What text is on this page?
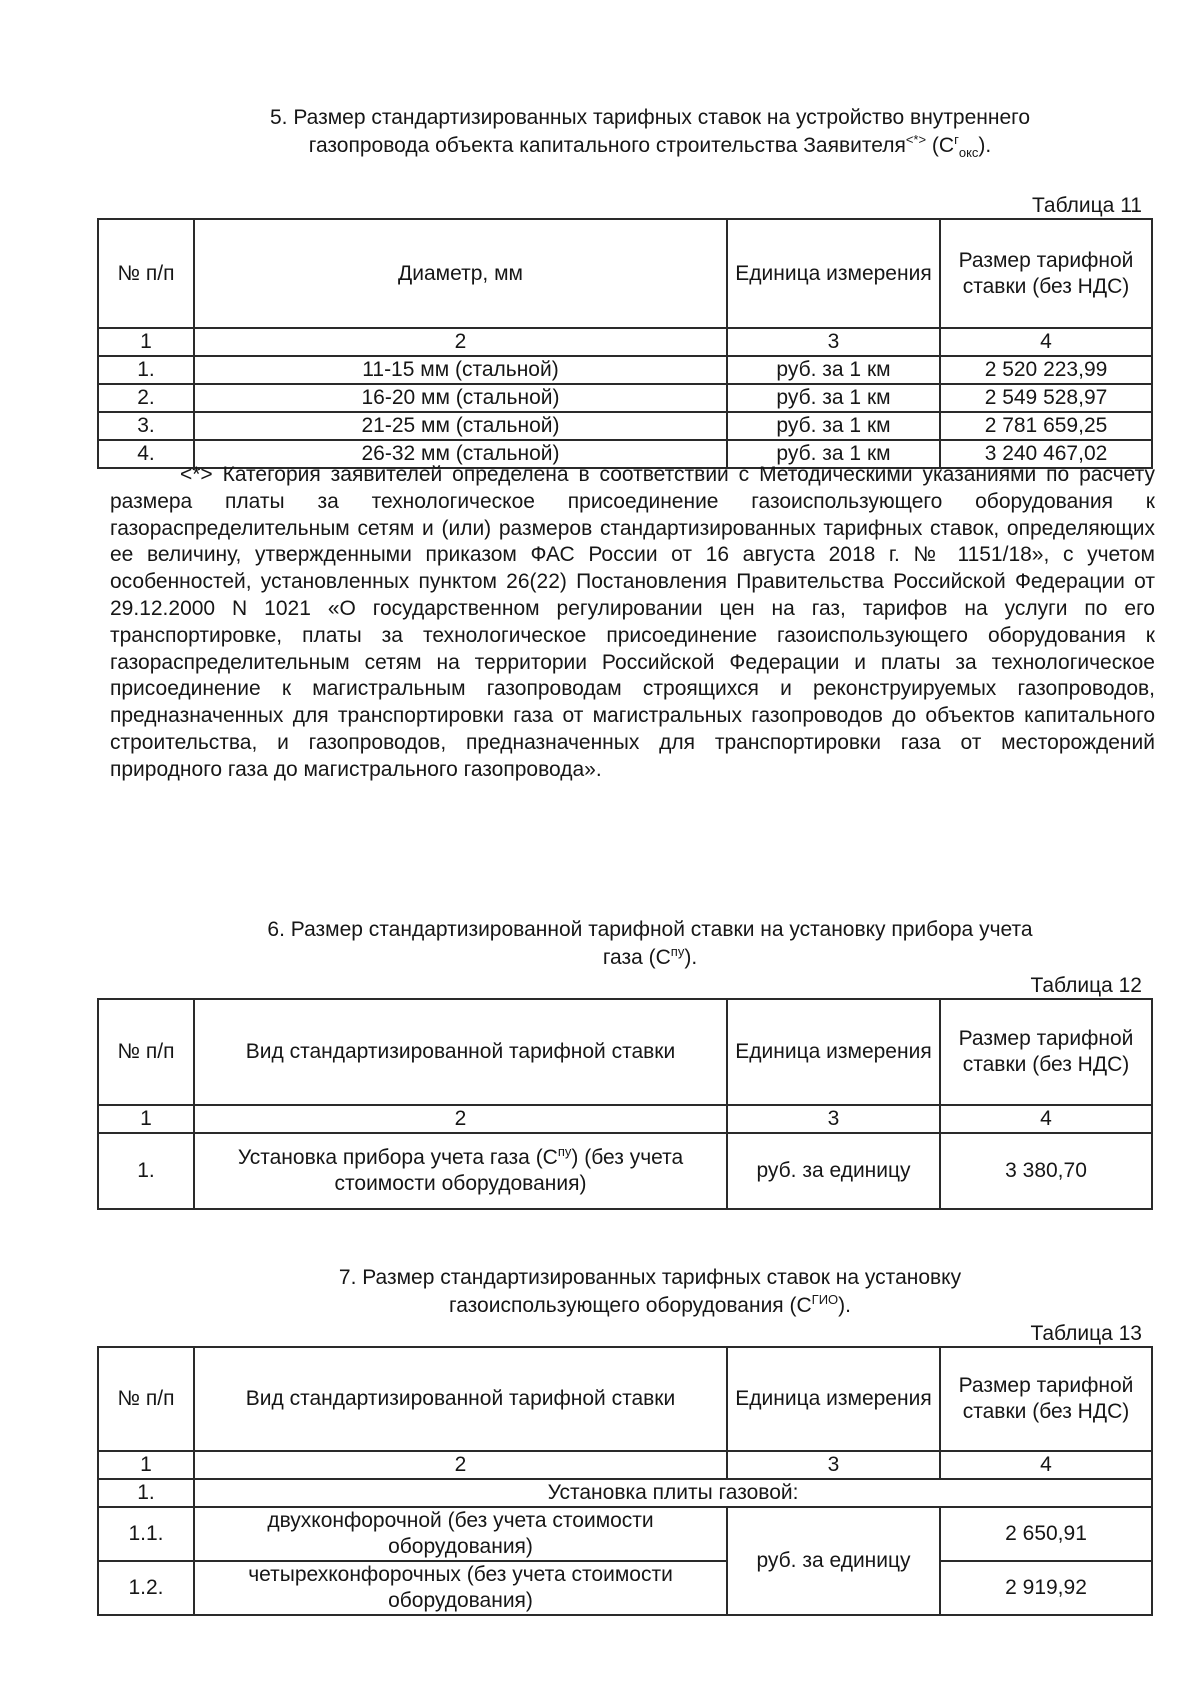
5. Размер стандартизированных тарифных ставок на устройство внутреннего
газопровода объекта капитального строительства Заявителя<*> $(С^г_{окс})$.
Таблица 11
№ п/п	Диаметр, мм	Единица измерения	Размер тарифной ставки (без НДС)
1	2	3	4
1.	11-15 мм (стальной)	руб. за 1 км	2 520 223,99
2.	16-20 мм (стальной)	руб. за 1 км	2 549 528,97
3.	21-25 мм (стальной)	руб. за 1 км	2 781 659,25
4.	26-32 мм (стальной)	руб. за 1 км	3 240 467,02
<*> Категория заявителей определена в соответствии с Методическими указаниями по расчету размера платы за технологическое присоединение газоиспользующего оборудования к газораспределительным сетям и (или) размеров стандартизированных тарифных ставок, определяющих ее величину, утвержденными приказом ФАС России от 16 августа 2018 г. № 1151/18», с учетом особенностей, установленных пунктом 26(22) Постановления Правительства Российской Федерации от 29.12.2000 N 1021 «О государственном регулировании цен на газ, тарифов на услуги по его транспортировке, платы за технологическое присоединение газоиспользующего оборудования к газораспределительным сетям на территории Российской Федерации и платы за технологическое присоединение к магистральным газопроводам строящихся и реконструируемых газопроводов, предназначенных для транспортировки газа от магистральных газопроводов до объектов капитального строительства, и газопроводов, предназначенных для транспортировки газа от месторождений природного газа до магистрального газопровода».
6. Размер стандартизированной тарифной ставки на установку прибора учета
газа $(С^{пу})$.
Таблица 12
№ п/п	Вид стандартизированной тарифной ставки	Единица измерения	Размер тарифной ставки (без НДС)
1	2	3	4
1.	Установка прибора учета газа $(С^{пу})$ (без учета стоимости оборудования)	руб. за единицу	3 380,70
7. Размер стандартизированных тарифных ставок на установку
газоиспользующего оборудования $(С^{ГИО})$.
Таблица 13
№ п/п	Вид стандартизированной тарифной ставки	Единица измерения	Размер тарифной ставки (без НДС)
1	2	3	4
1.	Установка плиты газовой:		
1.1.	двухконфорочной (без учета стоимости оборудования)	руб. за единицу	2 650,91
1.2.	четырехконфорочных (без учета стоимости оборудования)		2 919,92
